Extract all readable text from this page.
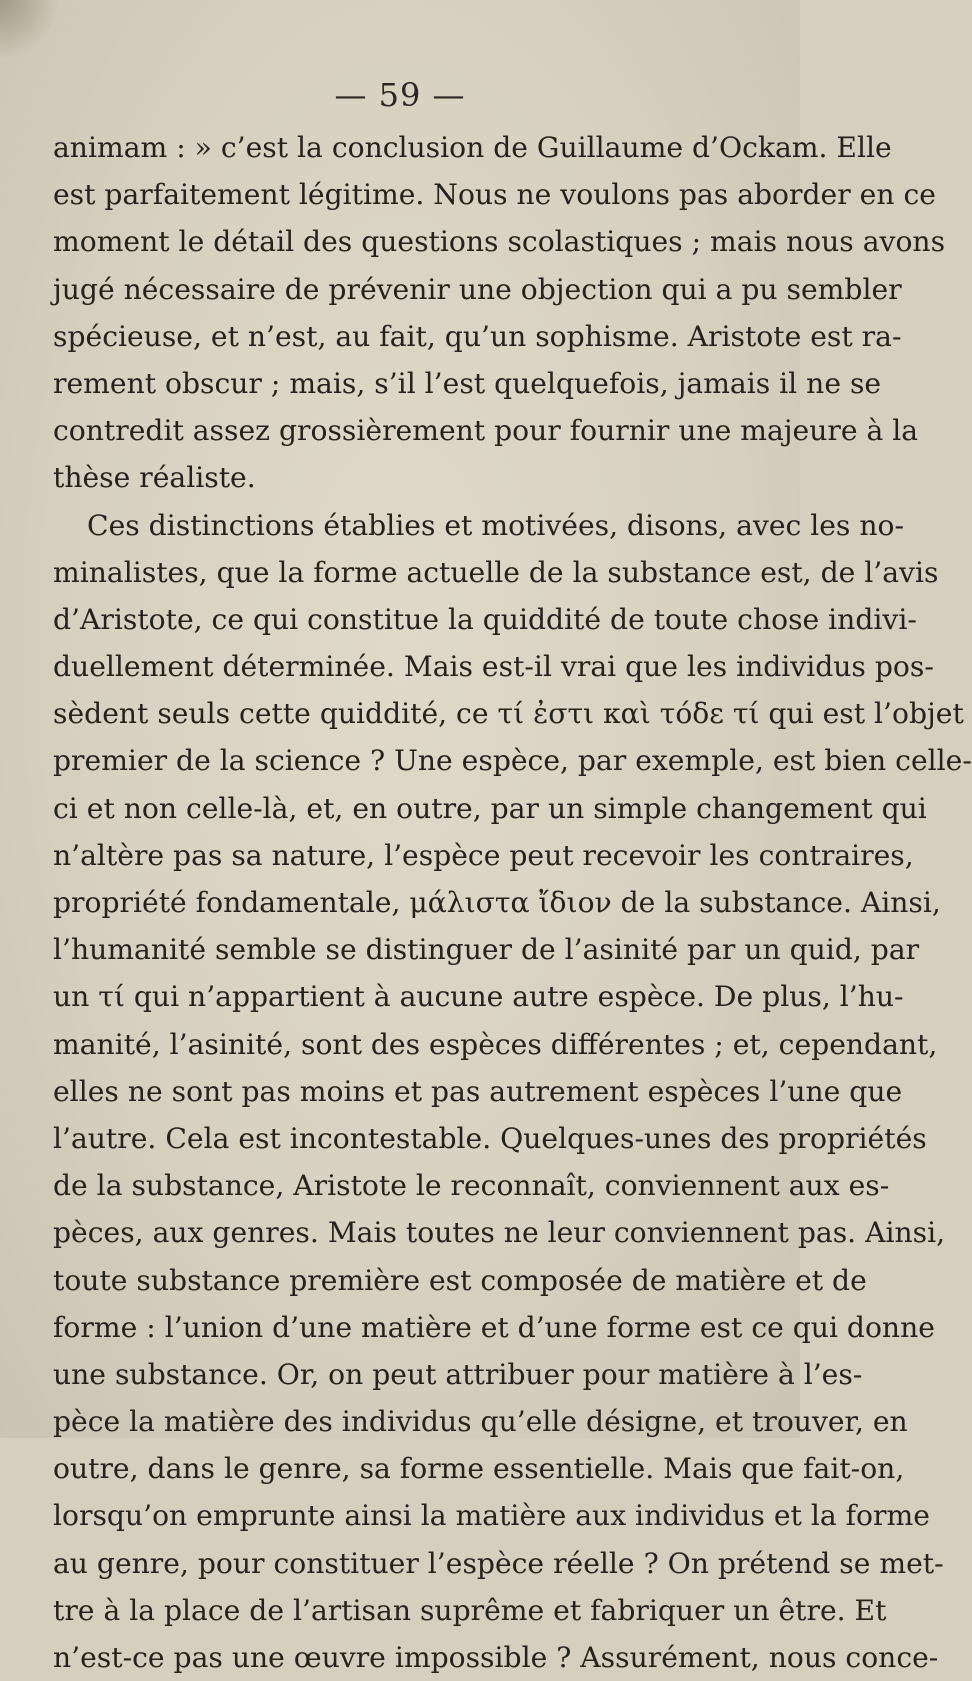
— 59 —
animam : » c’est la conclusion de Guillaume d’Ockam. Elle
est parfaitement légitime. Nous ne voulons pas aborder en ce
moment le détail des questions scolastiques ; mais nous avons
jugé nécessaire de prévenir une objection qui a pu sembler
spécieuse, et n’est, au fait, qu’un sophisme. Aristote est ra-
rement obscur ; mais, s’il l’est quelquefois, jamais il ne se
contredit assez grossièrement pour fournir une majeure à la
thèse réaliste.
Ces distinctions établies et motivées, disons, avec les no-
minalistes, que la forme actuelle de la substance est, de l’avis
d’Aristote, ce qui constitue la quiddité de toute chose indivi-
duellement déterminée. Mais est-il vrai que les individus pos-
sèdent seuls cette quiddité, ce τί ἐστι καὶ τόδε τί qui est l’objet
premier de la science ? Une espèce, par exemple, est bien celle-
ci et non celle-là, et, en outre, par un simple changement qui
n’altère pas sa nature, l’espèce peut recevoir les contraires,
propriété fondamentale, μάλιστα ἴδιον de la substance. Ainsi,
l’humanité semble se distinguer de l’asinité par un quid, par
un τί qui n’appartient à aucune autre espèce. De plus, l’hu-
manité, l’asinité, sont des espèces différentes ; et, cependant,
elles ne sont pas moins et pas autrement espèces l’une que
l’autre. Cela est incontestable. Quelques-unes des propriétés
de la substance, Aristote le reconnaît, conviennent aux es-
pèces, aux genres. Mais toutes ne leur conviennent pas. Ainsi,
toute substance première est composée de matière et de
forme : l’union d’une matière et d’une forme est ce qui donne
une substance. Or, on peut attribuer pour matière à l’es-
pèce la matière des individus qu’elle désigne, et trouver, en
outre, dans le genre, sa forme essentielle. Mais que fait-on,
lorsqu’on emprunte ainsi la matière aux individus et la forme
au genre, pour constituer l’espèce réelle ? On prétend se met-
tre à la place de l’artisan suprême et fabriquer un être. Et
n’est-ce pas une œuvre impossible ? Assurément, nous conce-
